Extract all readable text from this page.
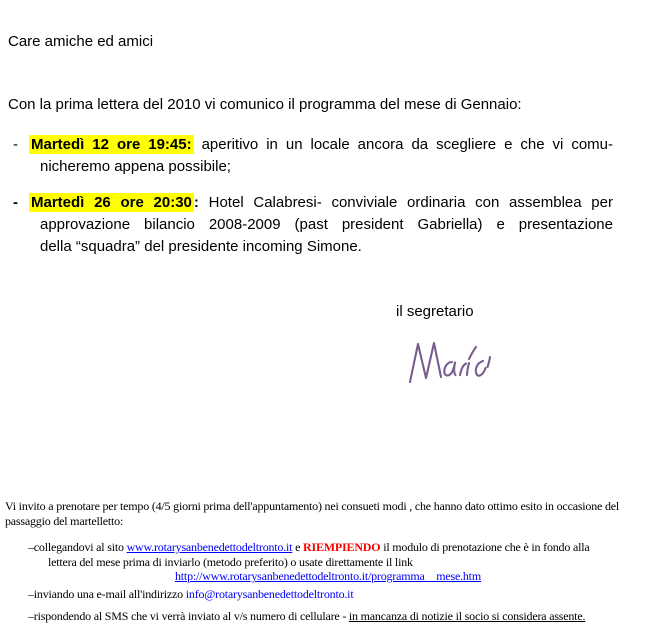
Care amiche ed amici
Con la prima lettera del 2010 vi comunico il programma del mese di Gennaio:
- Martedì 12 ore 19:45: aperitivo in un locale ancora da scegliere e che vi comu-
nicheremo appena possibile;
- Martedì 26 ore 20:30 : Hotel Calabresi- conviviale ordinaria con assemblea per
approvazione bilancio 2008-2009 (past president Gabriella) e presentazione
della “squadra” del presidente incoming Simone.
il segretario
Vi invito a prenotare per tempo (4/5 giorni prima dell'appuntamento) nei consueti modi , che hanno dato ottimo esito in occasione del
passaggio del martelletto:
–collegandovi al sito www.rotarysanbenedettodeltronto.it e RIEMPIENDO il modulo di prenotazione che è in fondo alla
lettera del mese prima di inviarlo (metodo preferito) o usate direttamente il link
http://www.rotarysanbenedettodeltronto.it/programma__mese.htm
–inviando una e-mail all'indirizzo info@rotarysanbenedettodeltronto.it
–rispondendo al SMS che vi verrà inviato al v/s numero di cellulare - in mancanza di notizie il socio si considera assente.
